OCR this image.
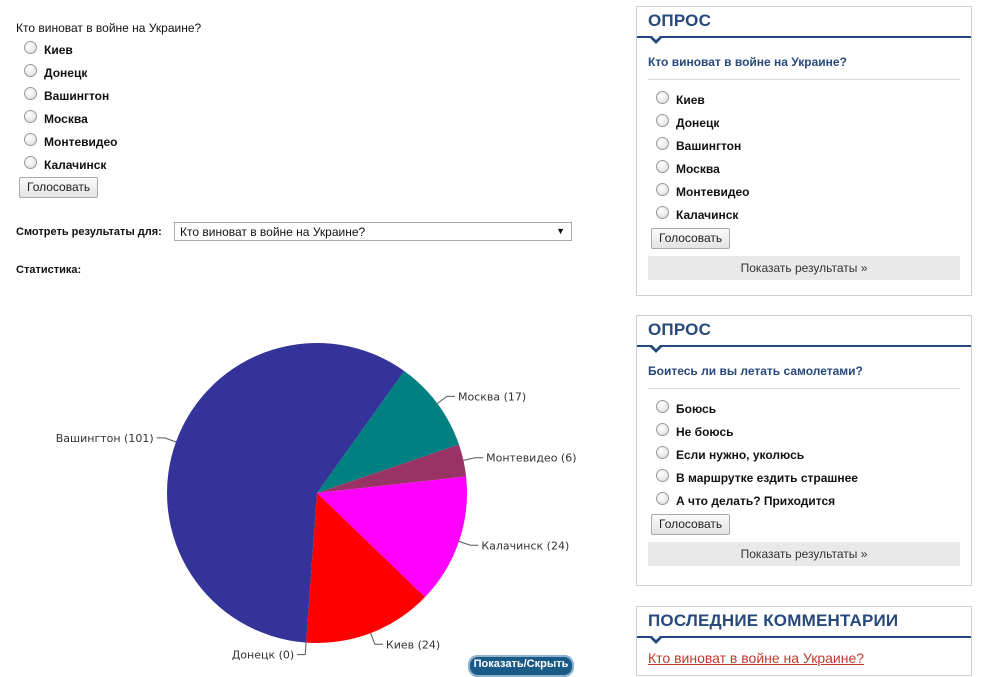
Кто виноват в войне на Украине?
Киев
Донецк
Вашингтон
Москва
Монтевидео
Калачинск
Голосовать
Смотреть результаты для: Кто виноват в войне на Украине?	▼
Статистика:
Москва (17)
Монтевидео (6)
Калачинск (24)
Киев (24)
Донецк (0)
Вашингтон (101)
Показать/Скрыть
ОПРОС
Кто виноват в войне на Украине?
Киев
Донецк
Вашингтон
Москва
Монтевидео
Калачинск
Голосовать
Показать результаты »
ОПРОС
Боитесь ли вы летать самолетами?
Боюсь
Не боюсь
Если нужно, уколюсь
В маршрутке ездить страшнее
А что делать? Приходится
Голосовать
Показать результаты »
ПОСЛЕДНИЕ КОММЕНТАРИИ
Кто виноват в войне на Украине?
